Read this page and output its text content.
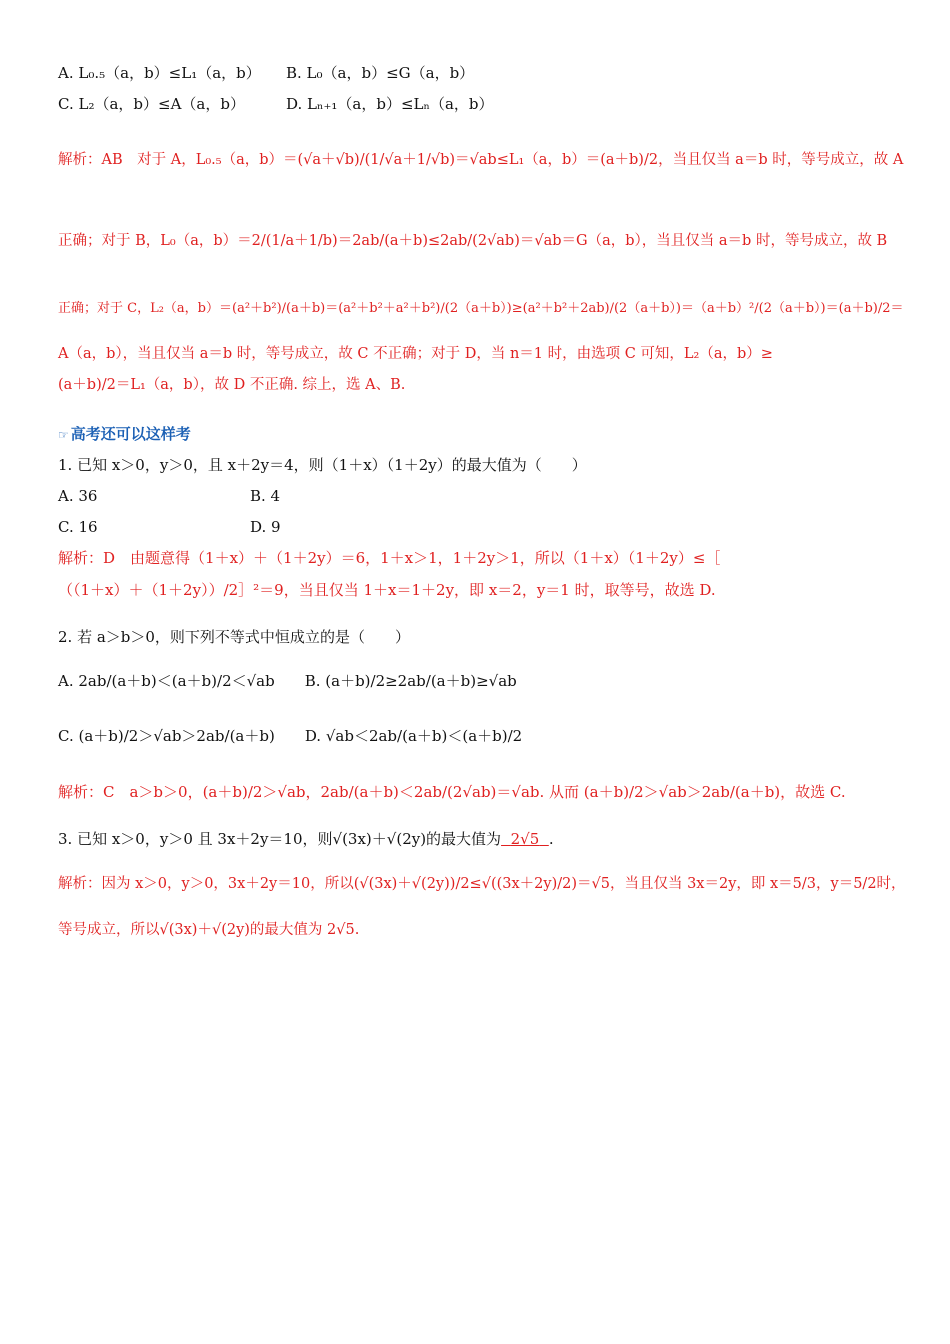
A. L₀.₅（a，b）≤L₁（a，b） B. L₀（a，b）≤G（a，b）
C. L₂（a，b）≤A（a，b）	D. Lₙ₊₁（a，b）≤Lₙ（a，b）
解析：AB　对于 A，L₀.₅（a，b）＝(√a＋√b)/(1/√a＋1/√b)＝√ab≤L₁（a，b）＝(a＋b)/2，当且仅当 a＝b 时，等号成立，故 A
正确；对于 B，L₀（a，b）＝2/(1/a＋1/b)＝2ab/(a＋b)≤2ab/(2√ab)＝√ab＝G（a，b），当且仅当 a＝b 时，等号成立，故 B
正确；对于 C，L₂（a，b）＝(a²＋b²)/(a＋b)＝(a²＋b²＋a²＋b²)/(2（a＋b）)≥(a²＋b²＋2ab)/(2（a＋b）)＝（a＋b）²/(2（a＋b）)＝(a＋b)/2＝
A（a，b），当且仅当 a＝b 时，等号成立，故 C 不正确；对于 D，当 n＝1 时，由选项 C 可知，L₂（a，b）≥
(a＋b)/2＝L₁（a，b），故 D 不正确. 综上，选 A、B.
☞ 高考还可以这样考
1. 已知 x＞0，y＞0，且 x＋2y＝4，则（1＋x）（1＋2y）的最大值为（　　）
A. 36	B. 4
C. 16	D. 9
解析：D　由题意得（1＋x）＋（1＋2y）＝6，1＋x＞1，1＋2y＞1，所以（1＋x）（1＋2y）≤［
（（1＋x）＋（1＋2y））/2］²＝9，当且仅当 1＋x＝1＋2y，即 x＝2，y＝1 时，取等号，故选 D.
2. 若 a＞b＞0，则下列不等式中恒成立的是（　　）
A. 2ab/(a＋b)＜(a＋b)/2＜√ab　　B. (a＋b)/2≥2ab/(a＋b)≥√ab
C. (a＋b)/2＞√ab＞2ab/(a＋b)　　D. √ab＜2ab/(a＋b)＜(a＋b)/2
解析：C　a＞b＞0，(a＋b)/2＞√ab，2ab/(a＋b)＜2ab/(2√ab)＝√ab. 从而 (a＋b)/2＞√ab＞2ab/(a＋b)，故选 C.
3. 已知 x＞0，y＞0 且 3x＋2y＝10，则√(3x)＋√(2y)的最大值为 2√5 .
解析：因为 x＞0，y＞0，3x＋2y＝10，所以(√(3x)＋√(2y))/2≤√((3x＋2y)/2)＝√5，当且仅当 3x＝2y，即 x＝5/3，y＝5/2时，
等号成立，所以√(3x)＋√(2y)的最大值为 2√5.
